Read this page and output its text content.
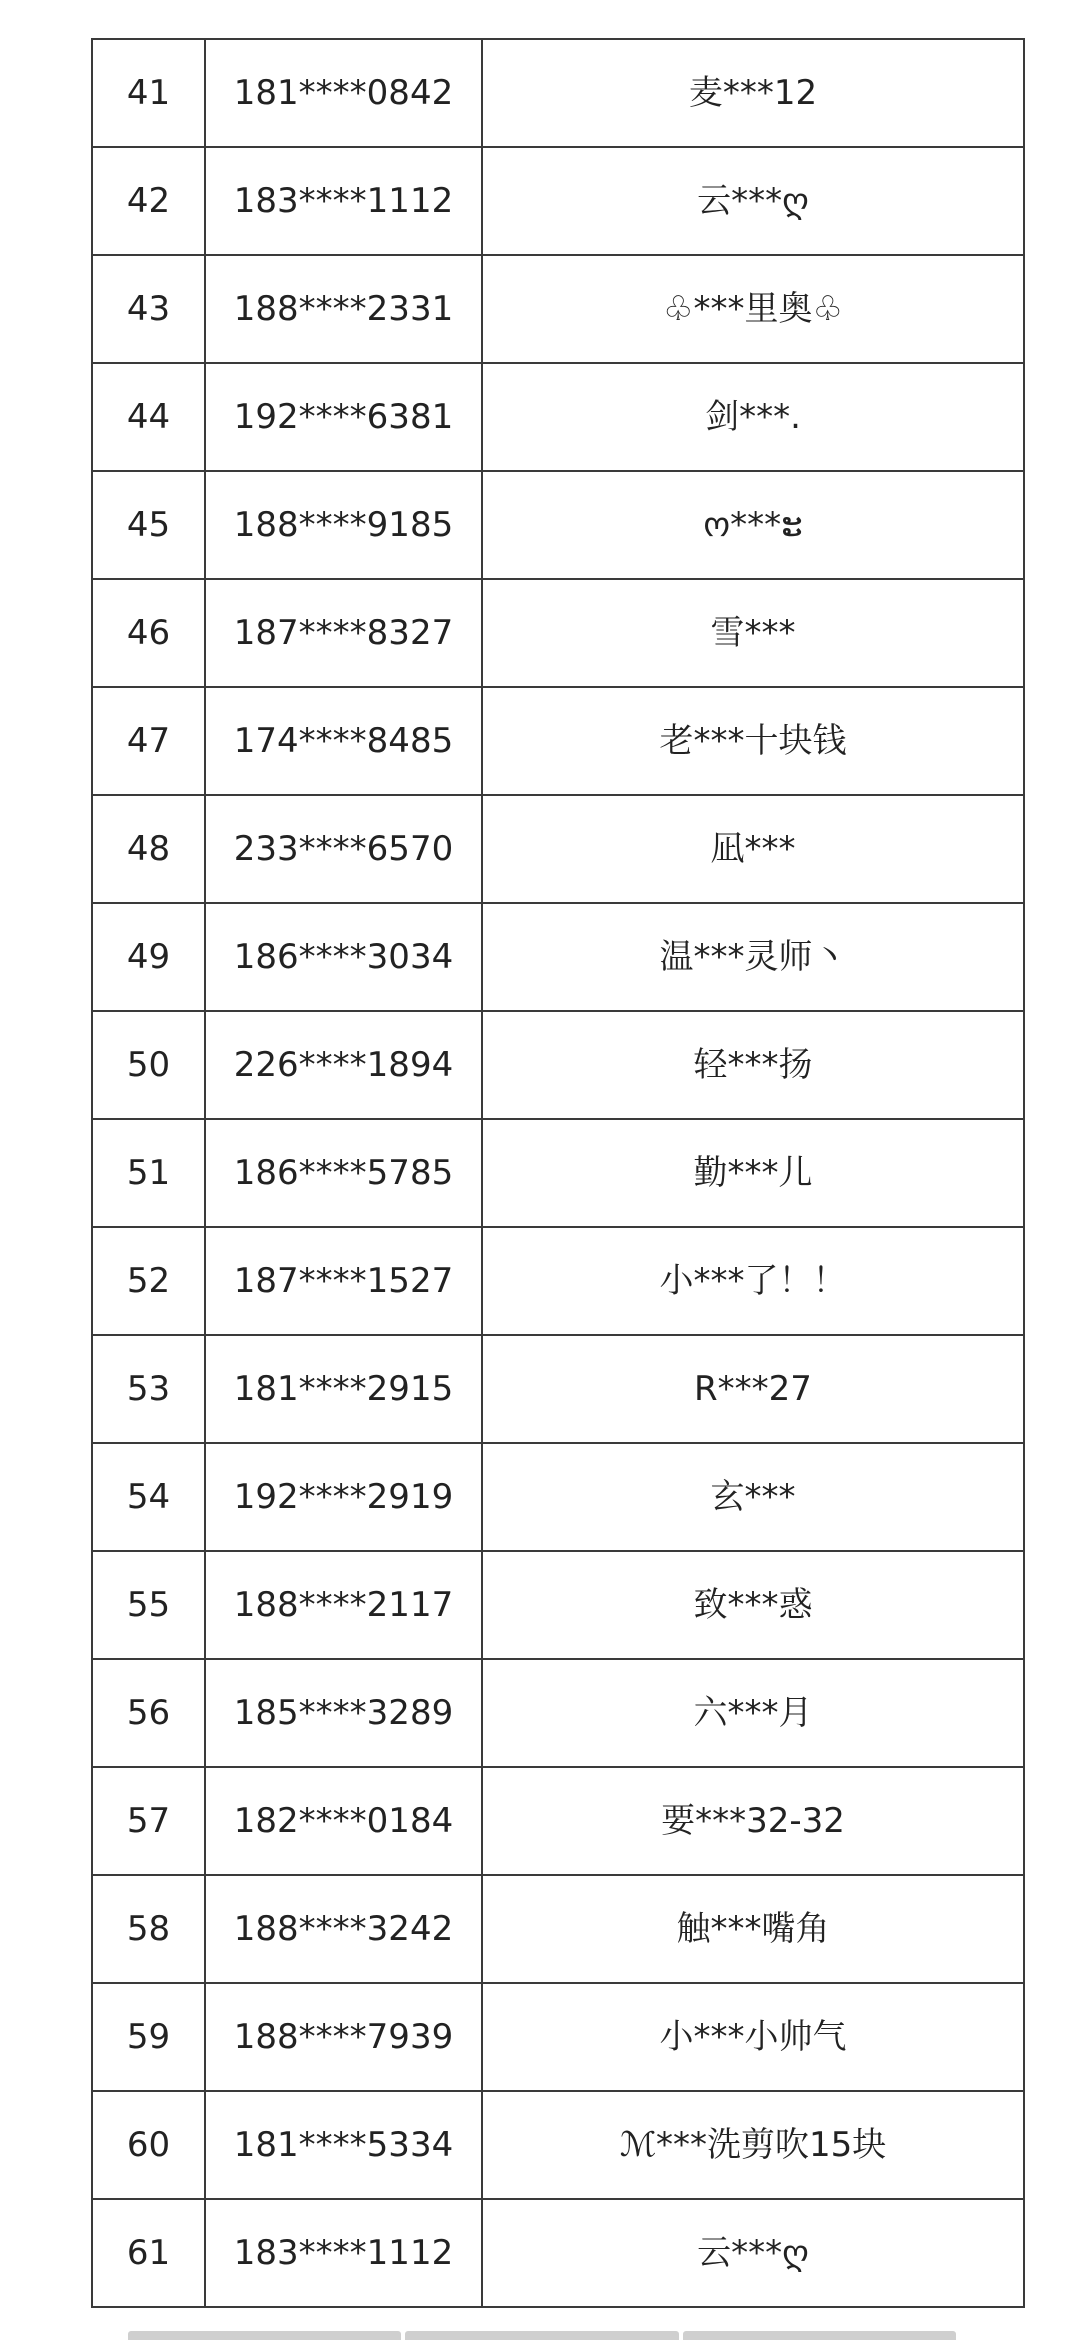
41	181****0842	麦***12
42	183****1112	云***ღ
43	188****2331	♧***里奥♧
44	192****6381	剑***.
45	188****9185	ო***ະ
46	187****8327	雪***
47	174****8485	老***十块钱
48	233****6570	凪***
49	186****3034	温***灵师丶
50	226****1894	轻***扬
51	186****5785	勤***儿
52	187****1527	小***了！！
53	181****2915	R***27
54	192****2919	玄***
55	188****2117	致***惑
56	185****3289	六***月
57	182****0184	要***32-32
58	188****3242	触***嘴角
59	188****7939	小***小帅气
60	181****5334	ℳ***洗剪吹15块
61	183****1112	云***ღ
